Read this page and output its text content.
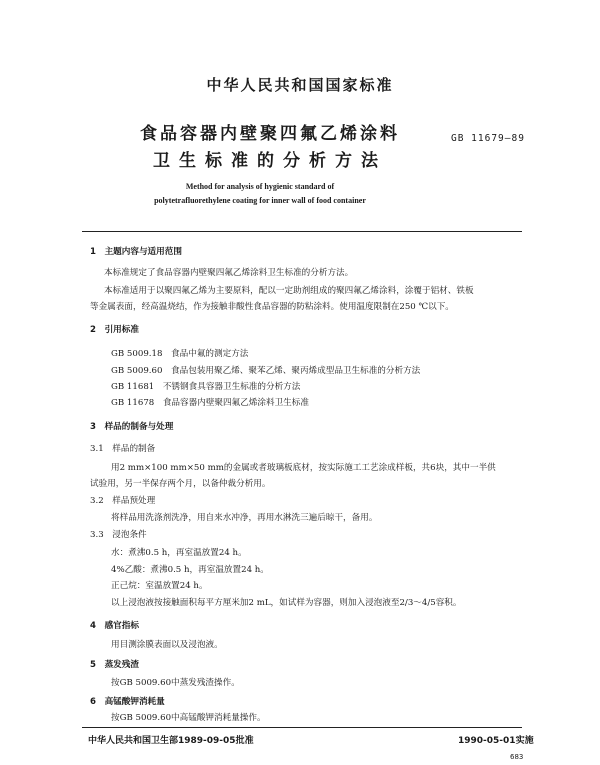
中华人民共和国国家标准
食品容器内壁聚四氟乙烯涂料
卫生标准的分析方法
GB 11679—89
Method for analysis of hygienic standard of
polytetrafluorethylene coating for inner wall of food container
1　主题内容与适用范围
本标准规定了食品容器内壁聚四氟乙烯涂料卫生标准的分析方法。
本标准适用于以聚四氟乙烯为主要原料，配以一定助剂组成的聚四氟乙烯涂料，涂覆于铝材、铁板
等金属表面，经高温烧结，作为接触非酸性食品容器的防粘涂料。使用温度限制在250 ℃以下。
2　引用标准
GB 5009.18　食品中氟的测定方法
GB 5009.60　食品包装用聚乙烯、聚苯乙烯、聚丙烯成型品卫生标准的分析方法
GB 11681　不锈钢食具容器卫生标准的分析方法
GB 11678　食品容器内壁聚四氟乙烯涂料卫生标准
3　样品的制备与处理
3.1　样品的制备
用2 mm×100 mm×50 mm的金属或者玻璃板底材，按实际施工工艺涂成样板，共6块，其中一半供
试验用，另一半保存两个月，以备仲裁分析用。
3.2　样品预处理
将样品用洗涤剂洗净，用自来水冲净，再用水淋洗三遍后晾干，备用。
3.3　浸泡条件
水：煮沸0.5 h，再室温放置24 h。
4%乙酸：煮沸0.5 h，再室温放置24 h。
正己烷：室温放置24 h。
以上浸泡液按接触面积每平方厘米加2 mL，如试样为容器，则加入浸泡液至2/3～4/5容积。
4　感官指标
用目测涂膜表面以及浸泡液。
5　蒸发残渣
按GB 5009.60中蒸发残渣操作。
6　高锰酸钾消耗量
按GB 5009.60中高锰酸钾消耗量操作。
中华人民共和国卫生部1989-09-05批准	1990-05-01实施
683
